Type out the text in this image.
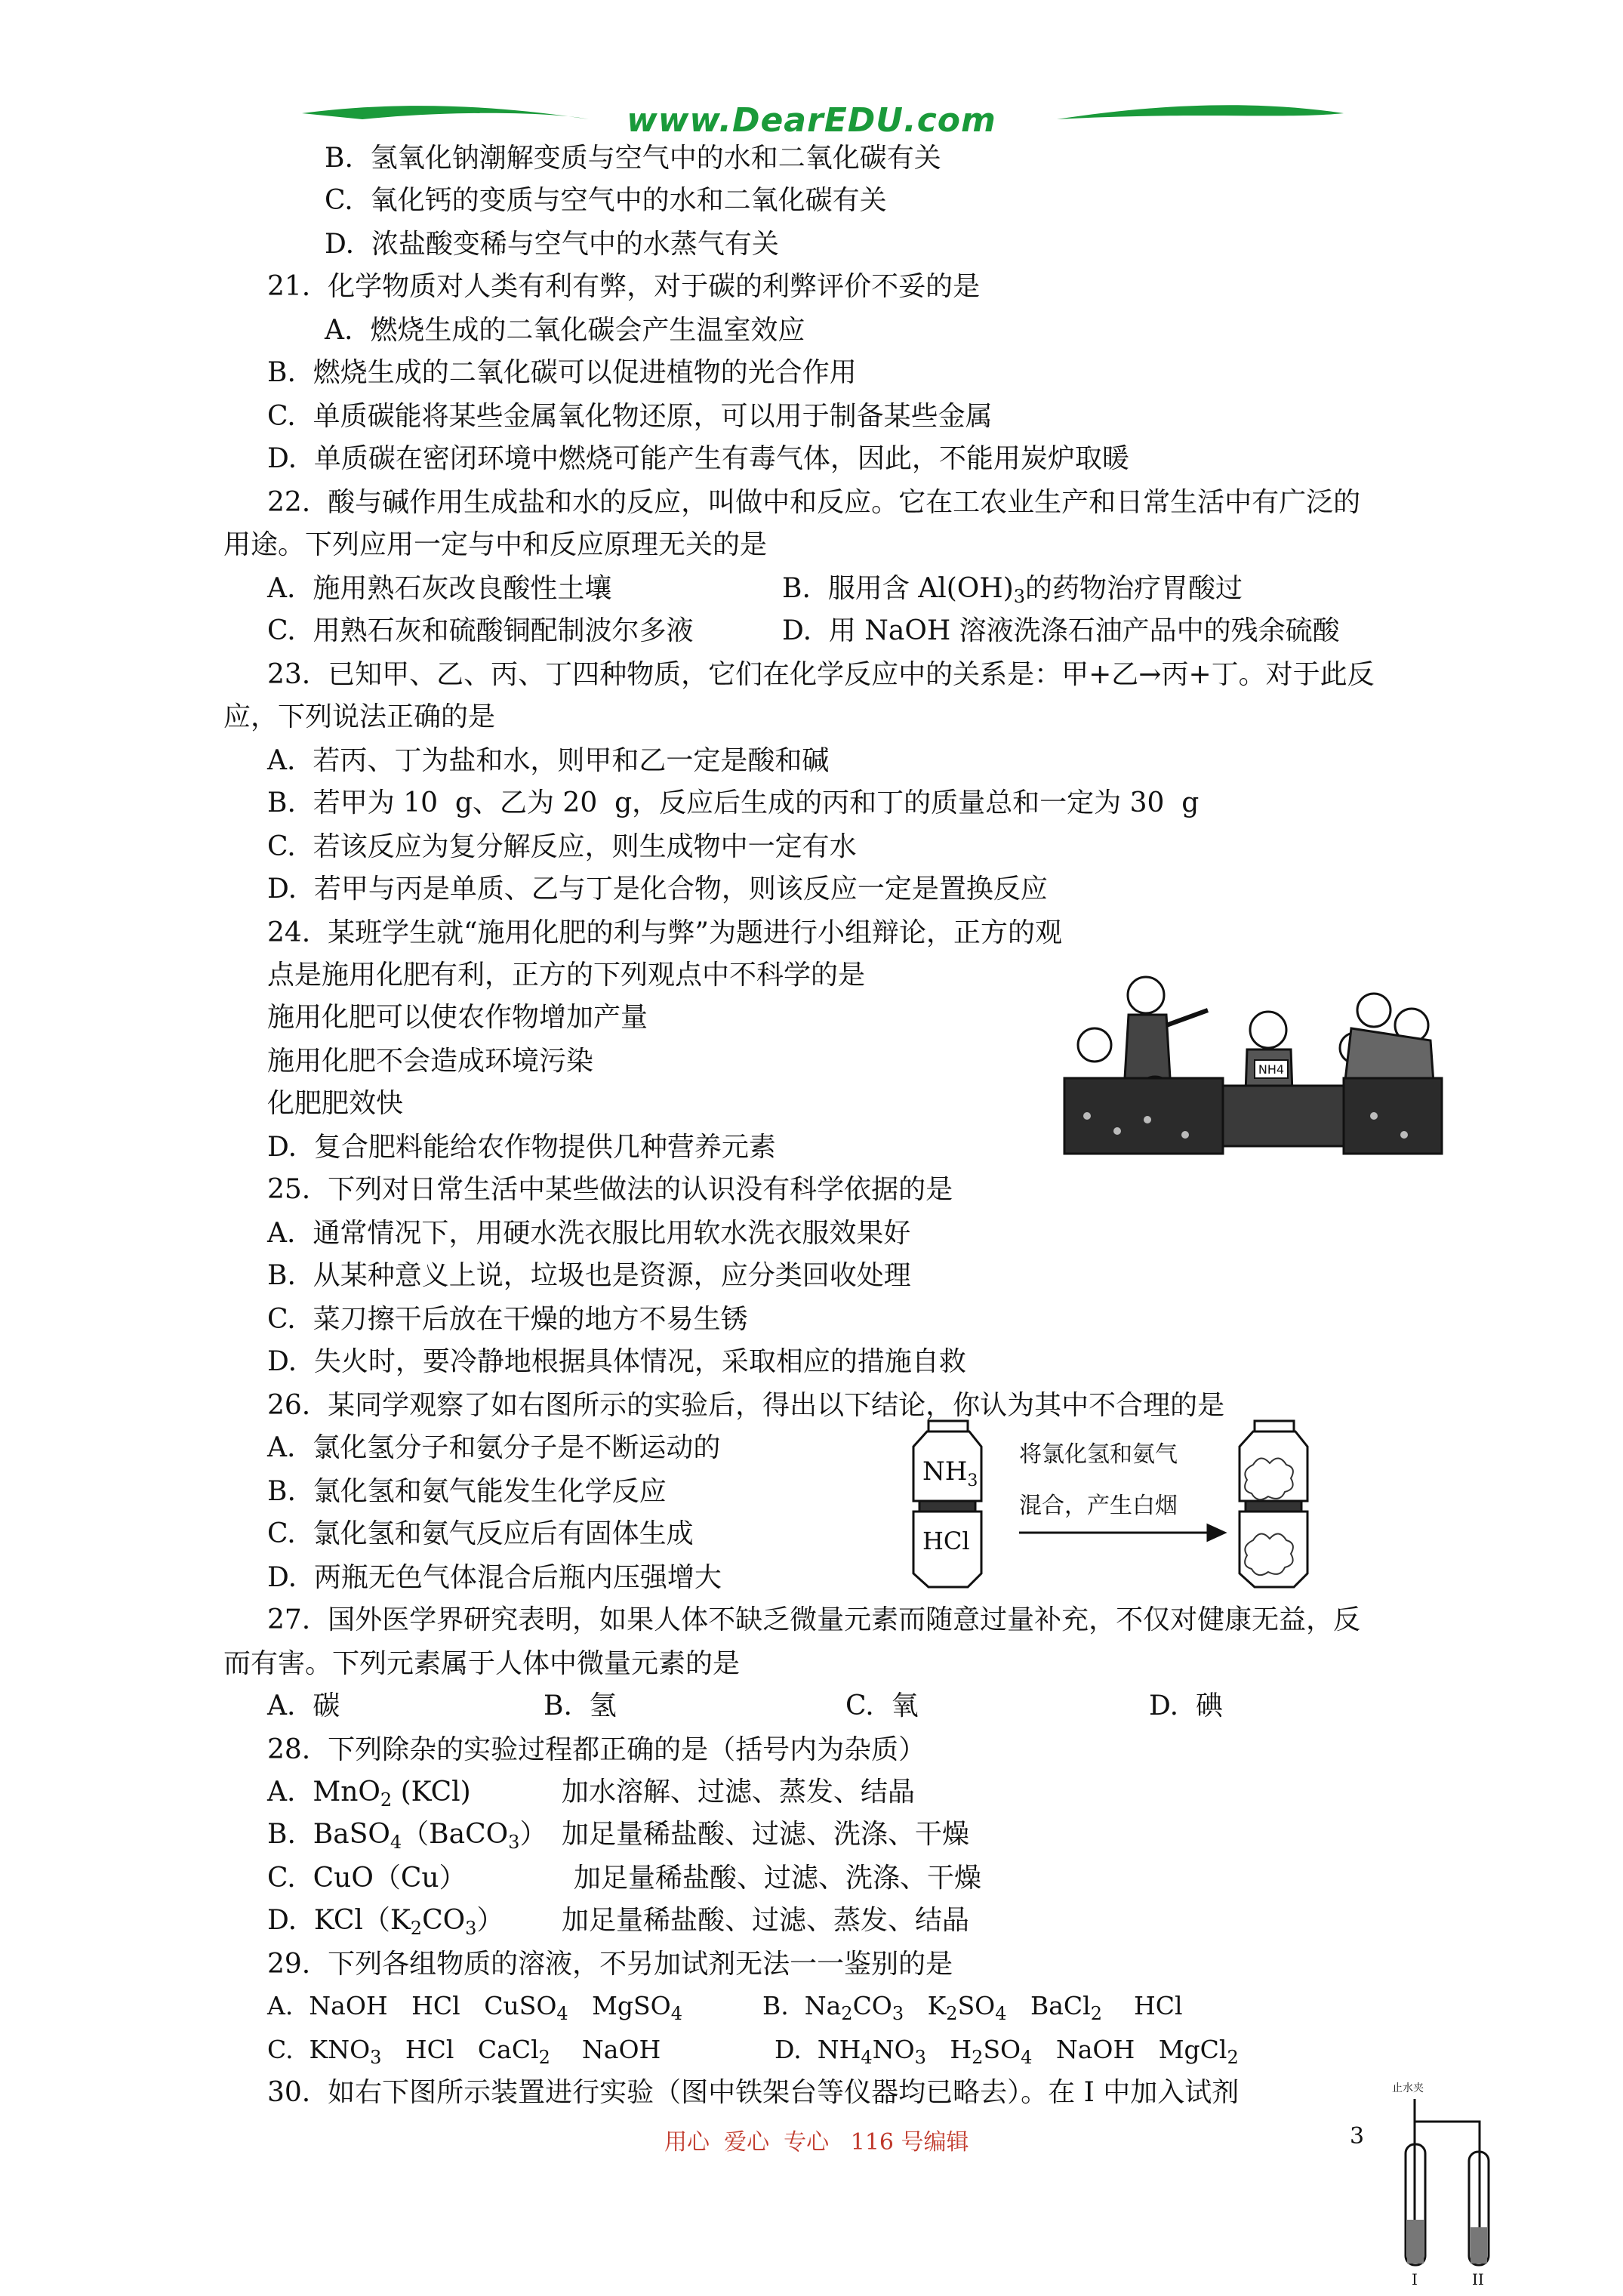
www.DearEDU.com
B.  氢氧化钠潮解变质与空气中的水和二氧化碳有关
C.  氧化钙的变质与空气中的水和二氧化碳有关
D.  浓盐酸变稀与空气中的水蒸气有关
21.  化学物质对人类有利有弊，对于碳的利弊评价不妥的是
A.  燃烧生成的二氧化碳会产生温室效应
B.  燃烧生成的二氧化碳可以促进植物的光合作用
C.  单质碳能将某些金属氧化物还原，可以用于制备某些金属
D.  单质碳在密闭环境中燃烧可能产生有毒气体，因此，不能用炭炉取暖
22.  酸与碱作用生成盐和水的反应，叫做中和反应。它在工农业生产和日常生活中有广泛的
用途。下列应用一定与中和反应原理无关的是
A.  施用熟石灰改良酸性土壤	B.  服用含 $Al(OH)_3$的药物治疗胃酸过
C.  用熟石灰和硫酸铜配制波尔多液	D.  用 NaOH 溶液洗涤石油产品中的残余硫酸
23.  已知甲、乙、丙、丁四种物质，它们在化学反应中的关系是：甲+乙→丙+丁。对于此反
应，下列说法正确的是
A.  若丙、丁为盐和水，则甲和乙一定是酸和碱
B.  若甲为 10  g、乙为 20  g，反应后生成的丙和丁的质量总和一定为 30  g
C.  若该反应为复分解反应，则生成物中一定有水
D.  若甲与丙是单质、乙与丁是化合物，则该反应一定是置换反应
24.  某班学生就“施用化肥的利与弊”为题进行小组辩论，正方的观
点是施用化肥有利，正方的下列观点中不科学的是
施用化肥可以使农作物增加产量
施用化肥不会造成环境污染
化肥肥效快
D.  复合肥料能给农作物提供几种营养元素
NH4
25.  下列对日常生活中某些做法的认识没有科学依据的是
A.  通常情况下，用硬水洗衣服比用软水洗衣服效果好
B.  从某种意义上说，垃圾也是资源，应分类回收处理
C.  菜刀擦干后放在干燥的地方不易生锈
D.  失火时，要冷静地根据具体情况，采取相应的措施自救
26.  某同学观察了如右图所示的实验后，得出以下结论，你认为其中不合理的是
A.  氯化氢分子和氨分子是不断运动的
B.  氯化氢和氨气能发生化学反应
C.  氯化氢和氨气反应后有固体生成
D.  两瓶无色气体混合后瓶内压强增大
$NH_3$
HCl
将氯化氢和氨气
混合，产生白烟
27.  国外医学界研究表明，如果人体不缺乏微量元素而随意过量补充，不仅对健康无益，反
而有害。下列元素属于人体中微量元素的是
A.  碳	B.  氢	C.  氧	D.  碘
28.  下列除杂的实验过程都正确的是（括号内为杂质）
A.  MnO$_2$ (KCl)	加水溶解、过滤、蒸发、结晶
B.  BaSO$_4$（BaCO$_3$） 加足量稀盐酸、过滤、洗涤、干燥
C.  CuO（Cu）	加足量稀盐酸、过滤、洗涤、干燥
D.  $KCl(K_2CO_3)$ 加足量稀盐酸、过滤、蒸发、结晶
29.  下列各组物质的溶液，不另加试剂无法一一鉴别的是
A.  NaOH   HCl   CuSO$_4$   MgSO$_4$	B.  $Na_2CO_3$   $K_2SO_4$   BaCl$_2$    HCl
C.  $KNO_3$   HCl   CaCl$_2$    NaOH	D.  $NH_4NO_3$   $H_2SO_4$   NaOH   MgCl$_2$
30.  如右下图所示装置进行实验（图中铁架台等仪器均已略去）。在 I 中加入试剂	止水夹
I	II
用心  爱心  专心   116 号编辑	3
